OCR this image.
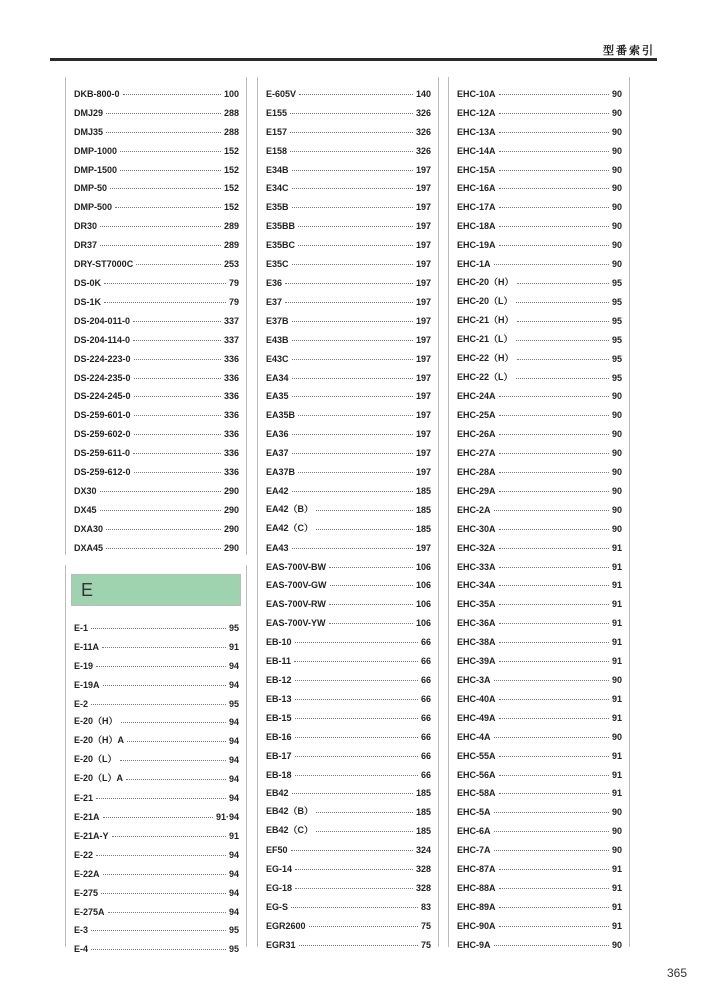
型番索引
DKB-800-0	100
DMJ29	288
DMJ35	288
DMP-1000	152
DMP-1500	152
DMP-50	152
DMP-500	152
DR30	289
DR37	289
DRY-ST7000C	253
DS-0K	79
DS-1K	79
DS-204-011-0	337
DS-204-114-0	337
DS-224-223-0	336
DS-224-235-0	336
DS-224-245-0	336
DS-259-601-0	336
DS-259-602-0	336
DS-259-611-0	336
DS-259-612-0	336
DX30	290
DX45	290
DXA30	290
DXA45	290
E
E-1	95
E-11A	91
E-19	94
E-19A	94
E-2	95
E-20（H）	94
E-20（H）A	94
E-20（L）	94
E-20（L）A	94
E-21	94
E-21A	91·94
E-21A-Y	91
E-22	94
E-22A	94
E-275	94
E-275A	94
E-3	95
E-4	95
E-605V	140
E155	326
E157	326
E158	326
E34B	197
E34C	197
E35B	197
E35BB	197
E35BC	197
E35C	197
E36	197
E37	197
E37B	197
E43B	197
E43C	197
EA34	197
EA35	197
EA35B	197
EA36	197
EA37	197
EA37B	197
EA42	185
EA42（B）	185
EA42（C）	185
EA43	197
EAS-700V-BW	106
EAS-700V-GW	106
EAS-700V-RW	106
EAS-700V-YW	106
EB-10	66
EB-11	66
EB-12	66
EB-13	66
EB-15	66
EB-16	66
EB-17	66
EB-18	66
EB42	185
EB42（B）	185
EB42（C）	185
EF50	324
EG-14	328
EG-18	328
EG-S	83
EGR2600	75
EGR31	75
EHC-10A	90
EHC-12A	90
EHC-13A	90
EHC-14A	90
EHC-15A	90
EHC-16A	90
EHC-17A	90
EHC-18A	90
EHC-19A	90
EHC-1A	90
EHC-20（H）	95
EHC-20（L）	95
EHC-21（H）	95
EHC-21（L）	95
EHC-22（H）	95
EHC-22（L）	95
EHC-24A	90
EHC-25A	90
EHC-26A	90
EHC-27A	90
EHC-28A	90
EHC-29A	90
EHC-2A	90
EHC-30A	90
EHC-32A	91
EHC-33A	91
EHC-34A	91
EHC-35A	91
EHC-36A	91
EHC-38A	91
EHC-39A	91
EHC-3A	90
EHC-40A	91
EHC-49A	91
EHC-4A	90
EHC-55A	91
EHC-56A	91
EHC-58A	91
EHC-5A	90
EHC-6A	90
EHC-7A	90
EHC-87A	91
EHC-88A	91
EHC-89A	91
EHC-90A	91
EHC-9A	90
365
